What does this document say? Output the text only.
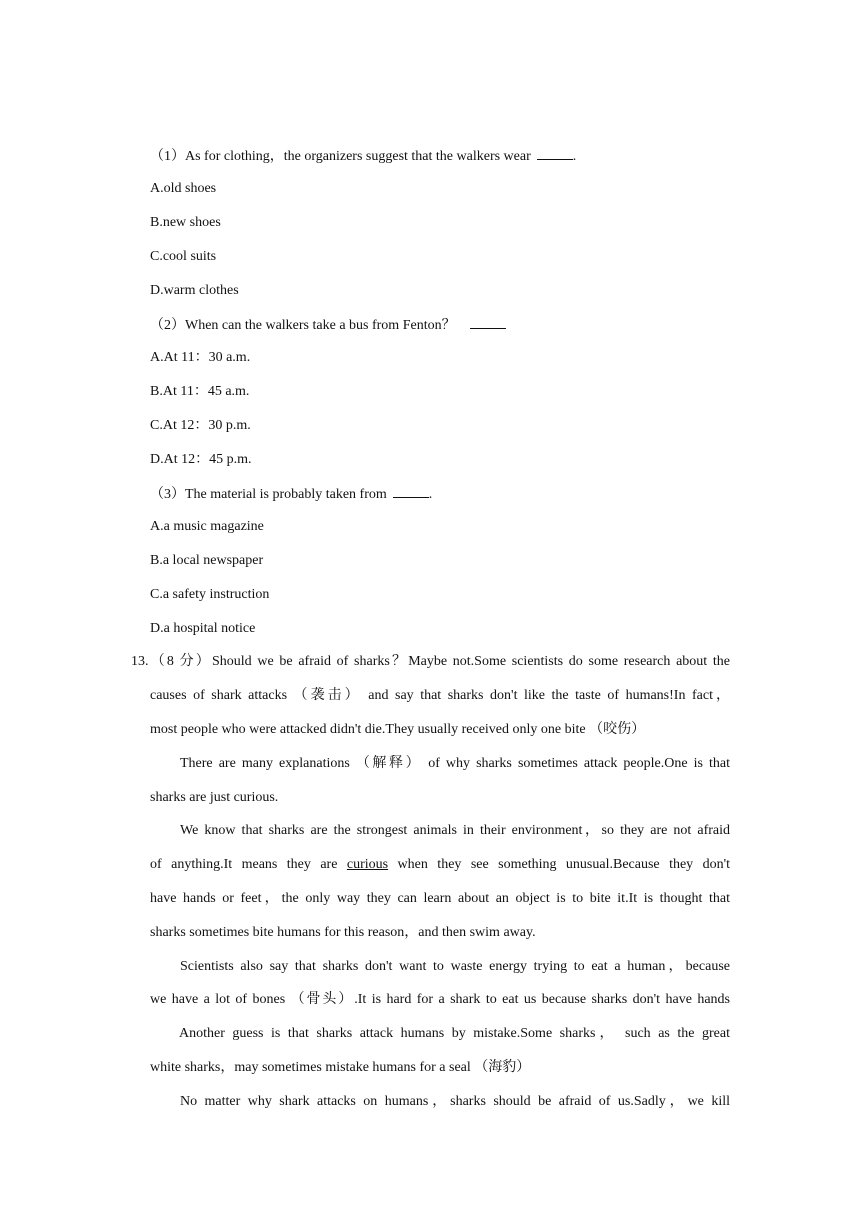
（1）As for clothing，the organizers suggest that the walkers wear	.
A.old shoes
B.new shoes
C.cool suits
D.warm clothes
（2）When can the walkers take a bus from Fenton？
A.At 11：30 a.m.
B.At 11：45 a.m.
C.At 12：30 p.m.
D.At 12：45 p.m.
（3）The material is probably taken from	.
A.a music magazine
B.a local newspaper
C.a safety instruction
D.a hospital notice
13.（8 分）Should we be afraid of sharks？Maybe not.Some scientists do some research about the
causes of shark attacks （袭击） and say that sharks don't like the taste of humans!In fact，
most people who were attacked didn't die.They usually received only one bite （咬伤）
There are many explanations （解释） of why sharks sometimes attack people.One is that
sharks are just curious.
We know that sharks are the strongest animals in their environment，so they are not afraid
of anything.It means they are curious when they see something unusual.Because they don't
have hands or feet，the only way they can learn about an object is to bite it.It is thought that
sharks sometimes bite humans for this reason，and then swim away.
Scientists also say that sharks don't want to waste energy trying to eat a human，because
we have a lot of bones （骨头）.It is hard for a shark to eat us because sharks don't have hands
Another guess is that sharks attack humans by mistake.Some sharks， such as the great
white sharks，may sometimes mistake humans for a seal （海豹）
No matter why shark attacks on humans，sharks should be afraid of us.Sadly，we kill
